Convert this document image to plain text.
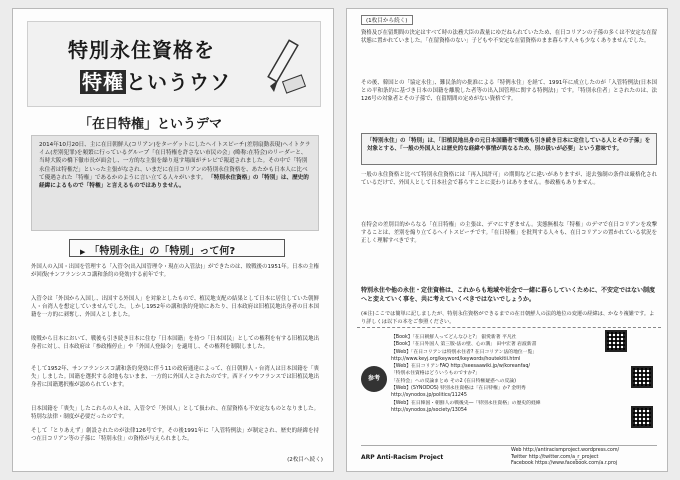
特別永住資格を
特権 というウソ
「在日特権」というデマ
2014年10月20日、主に在日朝鮮人(コリアン)をターゲットにしたヘイトスピーチ(差別扇動表現)へイトクライム(差別犯罪)を頻繁に行っているグループ「在日特権を許さない市民の会」(略称:在特会)のリーダーと、当時大阪の橋下徹市長が面会し、一方的な主張を繰り返す場面がテレビで報道されました。その中で「特別永住者は特権だ」といった主張がなされ、いまだに在日コリアンの特別永住資格を、あたかも日本人に比べて優遇された「特権」であるかのように言い立てる人々がいます。 「特別永住資格」の「特別」は、歴史的経緯によるもので「特権」と言えるものではありません。
▶ 「特別永住」の「特別」って何?

外国人の入国・出国を管理する「入管令(出入国管理令・現在の入管法)」ができたのは、敗戦後の1951年。日本の主権が回復(サンフランシスコ講和条約の発効)する前年です。

入管令は「外国から入国し、出国する外国人」を対象としたもので、植民地支配の結果として日本に居住していた朝鮮人・台湾人を想定していませんでした。しかし1952年の講和条約発効にあたり、日本政府は旧植民地出身者の日本国籍を一方的に剥奪し、外国人としました。

敗戦から日本において、戦後も引き続き日本に住む「日本国籍」を持つ「日本国民」としての権利を有する旧植民地出身者に対し、日本政府は「参政権停止」や「外国人登録令」を適用し、その権利を制限しました。

そして1952年、サンフランシスコ講和条約発効に伴う11の政府通達によって、在日朝鮮人・台湾人は日本国籍を「喪失」しました。国籍を選択する余地もないまま、一方的に外国人とされたのです。西ドイツやフランスでは旧植民地出身者に国籍選択権が認められています。

日本国籍を「喪失」したこれらの人々は、入管令で「外国人」として扱われ、在留資格も不安定なものとなりました。特別な法律・制度が必要だったのです。

そして「とりあえず」創設されたのが法律126号です。その後1991年に「入管特例法」が制定され、歴史的経緯を持つ在日コリアン等の子孫に「特別永住」の資格が与えられました。

(2枚目へ続く)
(1枚目から続く)

資格及び在留期間の決定はすべて時の法務大臣の裁量にゆだねられていたため、在日コリアンの子孫の多くは不安定な在留状態に置かれていました。「在留資格のない」子どもや不安定な在留資格のまま暮らす人々も少なくありませんでした。

その後、韓国との「協定永住」、難民条約の批准による「特例永住」を経て、1991年に成立したのが「入管特例法(日本国との平和条約に基づき日本の国籍を離脱した者等の出入国管理に関する特例法)」です。「特別永住者」とされたのは、法126号の対象者とその子孫で、在留期間の定めがない資格です。

「特別永住」の「特別」は、「旧植民地出身の元日本国籍者で戦後も引き続き日本に定住している人とその子孫」を対象とする、「一般の外国人とは歴史的な経緯や事情が異なるため、別の扱いが必要」という意味です。

一般の永住資格と比べて特別永住資格には「再入国許可」の期間などに違いがありますが、退去強制の条件は厳格化されているだけで、外国人として日本社会で暮らすことに変わりはありません。参政権もありません。

在特会の差別目的からなる「在日特権」の主張は、デマにすぎません。実態無根な「特権」のデマで在日コリアンを攻撃することは、差別を煽り立てるヘイトスピーチです。「在日特権」を批判する人々も、在日コリアンの置かれている状況を正しく理解すべきです。

特別永住や他の永住・定住資格は、これからも地域や社会で一緒に暮らしていくために、不安定ではない制度へと変えていく事を、共に考えていくべきではないでしょうか。
(※注)ここでは簡単に記しましたが、特別永住資格ができるまでの在日朝鮮人の法的地位の変遷の経緯は、かなり複雑です。より詳しくは以下の本をご参照ください。
参考
【Book】「在日朝鮮人ってどんなひと?」 叡愛新著 平凡社
【Book】「在日外国人 第三版-法の壁、心の溝」 田中宏著 岩波新書
【Web】「在日コリアンは特別永住者? 在日コリアン法的地位一覧」
http://www.keyj.org/keyword/keywords/houtekitii.html
【Web】在日コリアンFAQ http://seesaawiki.jp/w/koreanfaq/
「特別永住資格はどういうものですか?」
「在特会」への反論まとめ その2 (在日特権疑惑への反論)
【Web】(SYNODOS) 特別永住資格は「在日特権」か? 金明秀
http://synodos.jp/politics/11245
【Web】在日韓国・朝鮮人の戦後史―「特別永住資格」の歴史的経緯
http://synodos.jp/society/13054
ARP Anti-Racism Project
Web http://antiracismproject.wordpress.com/
Twitter http://twitter.com/a_r_project
Facebook https://www.facebook.com/a.r.proj
